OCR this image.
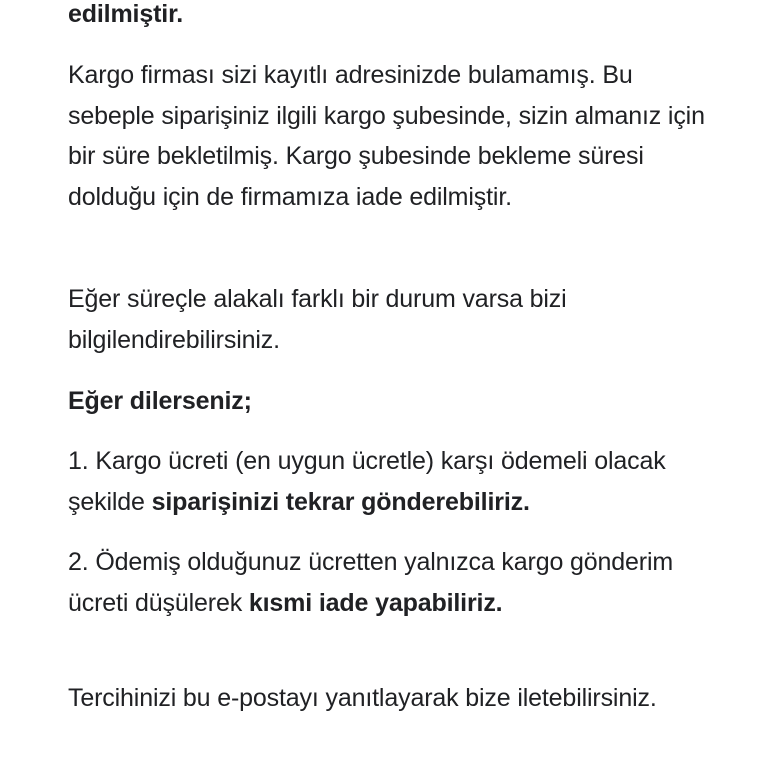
edilmiştir.

Kargo firması sizi kayıtlı adresinizde bulamamış. Bu sebeple siparişiniz ilgili kargo şubesinde, sizin almanız için bir süre bekletilmiş. Kargo şubesinde bekleme süresi dolduğu için de firmamıza iade edilmiştir.

Eğer süreçle alakalı farklı bir durum varsa bizi bilgilendirebilirsiniz.

Eğer dilerseniz;

1. Kargo ücreti (en uygun ücretle) karşı ödemeli olacak şekilde siparişinizi tekrar gönderebiliriz.

2. Ödemiş olduğunuz ücretten yalnızca kargo gönderim ücreti düşülerek kısmi iade yapabiliriz.

Tercihinizi bu e-postayı yanıtlayarak bize iletebilirsiniz.
